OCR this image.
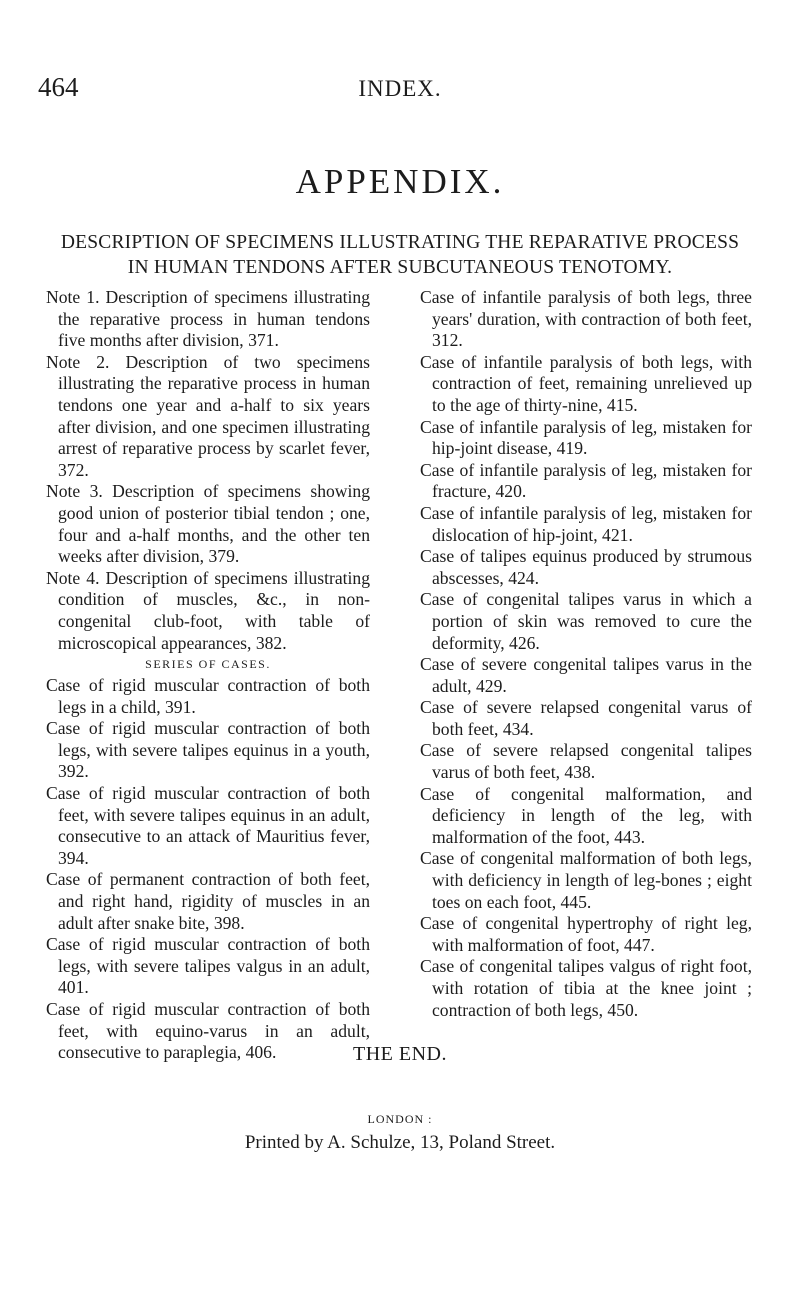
464	INDEX.
APPENDIX.
DESCRIPTION OF SPECIMENS ILLUSTRATING THE REPARATIVE PROCESS IN HUMAN TENDONS AFTER SUBCUTANEOUS TENOTOMY.

Note 1. Description of specimens illustrating the reparative process in human tendons five months after division, 371.

Note 2. Description of two specimens illustrating the reparative process in human tendons one year and a-half to six years after division, and one specimen illustrating arrest of reparative process by scarlet fever, 372.

Note 3. Description of specimens showing good union of posterior tibial tendon ; one, four and a-half months, and the other ten weeks after division, 379.

Note 4. Description of specimens illustrating condition of muscles, &c., in non-congenital club-foot, with table of microscopical appearances, 382.

SERIES OF CASES.

Case of rigid muscular contraction of both legs in a child, 391.

Case of rigid muscular contraction of both legs, with severe talipes equinus in a youth, 392.

Case of rigid muscular contraction of both feet, with severe talipes equinus in an adult, consecutive to an attack of Mauritius fever, 394.

Case of permanent contraction of both feet, and right hand, rigidity of muscles in an adult after snake bite, 398.

Case of rigid muscular contraction of both legs, with severe talipes valgus in an adult, 401.

Case of rigid muscular contraction of both feet, with equino-varus in an adult, consecutive to paraplegia, 406.

Case of infantile paralysis of both legs, three years' duration, with contraction of both feet, 312.

Case of infantile paralysis of both legs, with contraction of feet, remaining unrelieved up to the age of thirty-nine, 415.

Case of infantile paralysis of leg, mistaken for hip-joint disease, 419.

Case of infantile paralysis of leg, mistaken for fracture, 420.

Case of infantile paralysis of leg, mistaken for dislocation of hip-joint, 421.

Case of talipes equinus produced by strumous abscesses, 424.

Case of congenital talipes varus in which a portion of skin was removed to cure the deformity, 426.

Case of severe congenital talipes varus in the adult, 429.

Case of severe relapsed congenital varus of both feet, 434.

Case of severe relapsed congenital talipes varus of both feet, 438.

Case of congenital malformation, and deficiency in length of the leg, with malformation of the foot, 443.

Case of congenital malformation of both legs, with deficiency in length of leg-bones ; eight toes on each foot, 445.

Case of congenital hypertrophy of right leg, with malformation of foot, 447.

Case of congenital talipes valgus of right foot, with rotation of tibia at the knee joint ; contraction of both legs, 450.

THE END.
LONDON :
Printed by A. Schulze, 13, Poland Street.
